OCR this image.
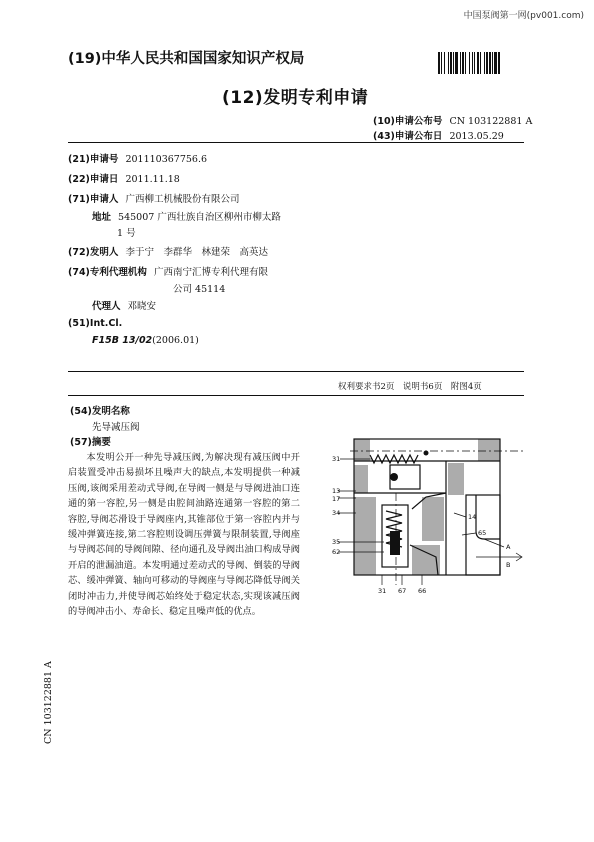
中国泵阀第一网(pv001.com)
(19)中华人民共和国国家知识产权局
(12)发明专利申请
(10)申请公布号 CN 103122881 A
(43)申请公布日 2013.05.29
(21)申请号 201110367756.6
(22)申请日 2011.11.18
(71)申请人 广西柳工机械股份有限公司
地址 545007 广西壮族自治区柳州市柳太路
1 号
(72)发明人 李于宁　李群华　林建荣　高英达
(74)专利代理机构 广西南宁汇博专利代理有限
公司 45114
代理人 邓晓安
(51)Int.Cl.
F15B 13/02(2006.01)
权利要求书2页　说明书6页　附图4页
(54)发明名称
先导减压阀
(57)摘要
本发明公开一种先导减压阀,为解决现有减压阀中开启装置受冲击易损坏且噪声大的缺点,本发明提供一种减压阀,该阀采用差动式导阀,在导阀一侧是与导阀进油口连通的第一容腔,另一侧是由腔间油路连通第一容腔的第二容腔,导阀芯滑设于导阀座内,其锥部位于第一容腔内并与缓冲弹簧连接,第二容腔则设调压弹簧与限制装置,导阀座与导阀芯间的导阀间隙、径向通孔及导阀出油口构成导阀开启的泄漏油道。本发明通过差动式的导阀、倒装的导阀芯、缓冲弹簧、轴向可移动的导阀座与导阀芯降低导阀关闭时冲击力,并使导阀芯始终处于稳定状态,实现该减压阀的导阀冲击小、寿命长、稳定且噪声低的优点。
31
13
17
34
35
62
14
65
A
B
31 67 66
CN 103122881 A
